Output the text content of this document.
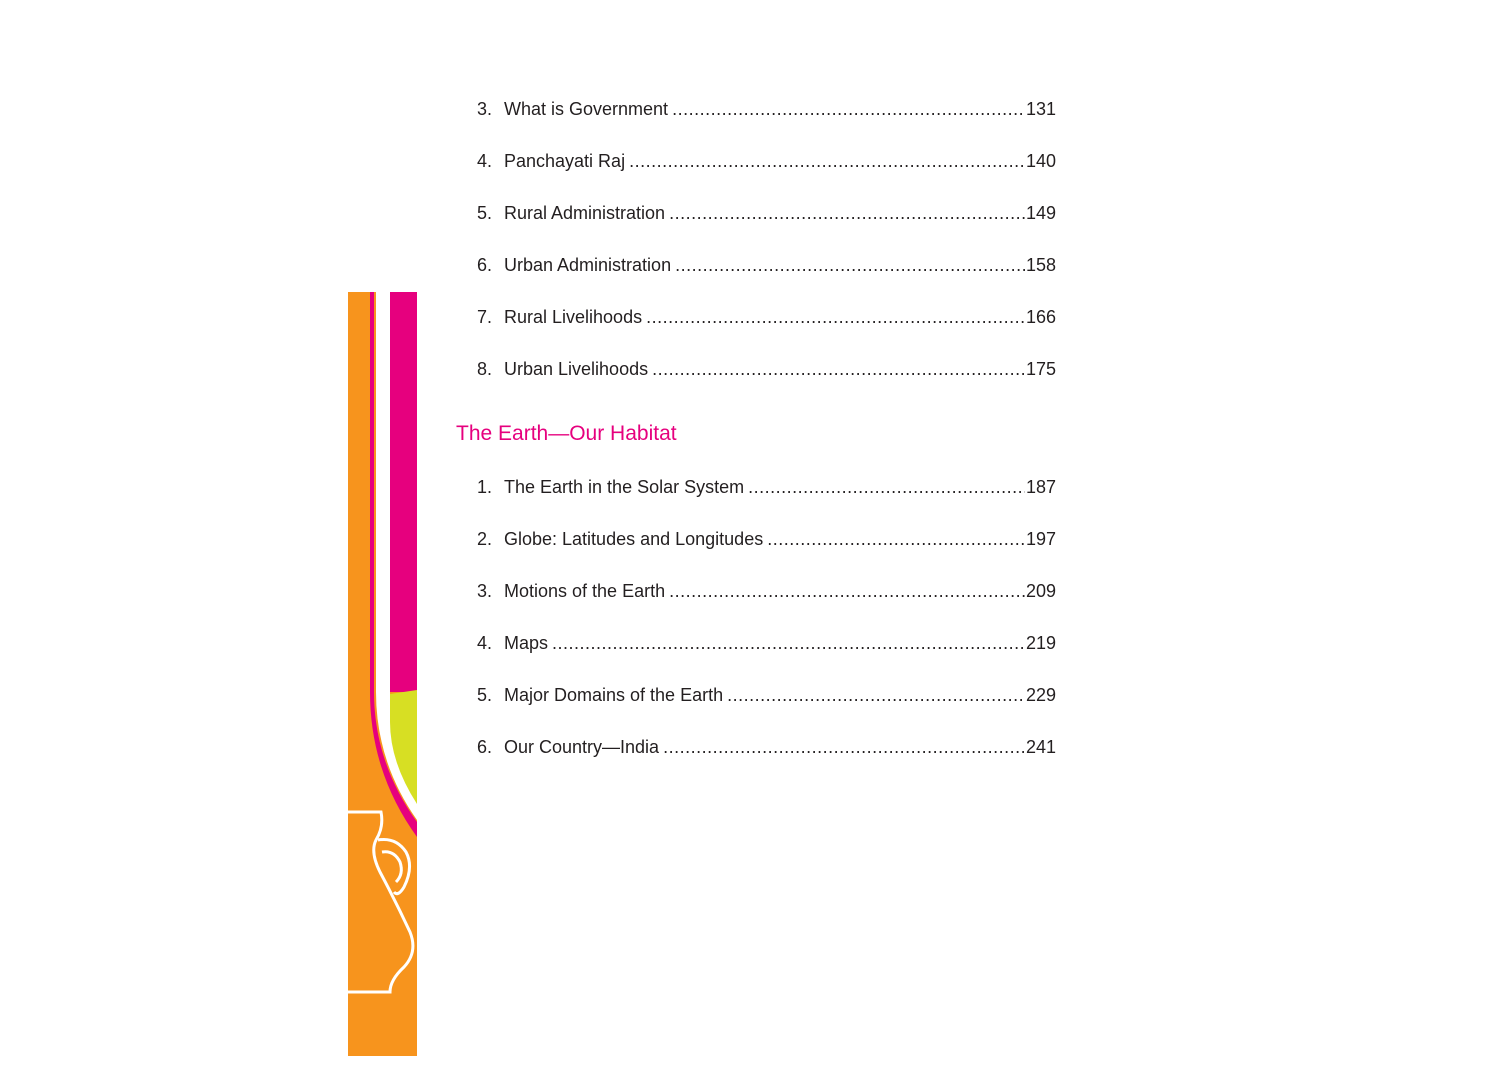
3. What is Government .....	131
4. Panchayati Raj .....	140
5. Rural Administration .....	149
6. Urban Administration .....	158
7. Rural Livelihoods .....	166
8. Urban Livelihoods .....	175
The Earth—Our Habitat
1. The Earth in the Solar System .....	187
2. Globe: Latitudes and Longitudes .....	197
3. Motions of the Earth .....	209
4. Maps .....	219
5. Major Domains of the Earth .....	229
6. Our Country—India .....	241
